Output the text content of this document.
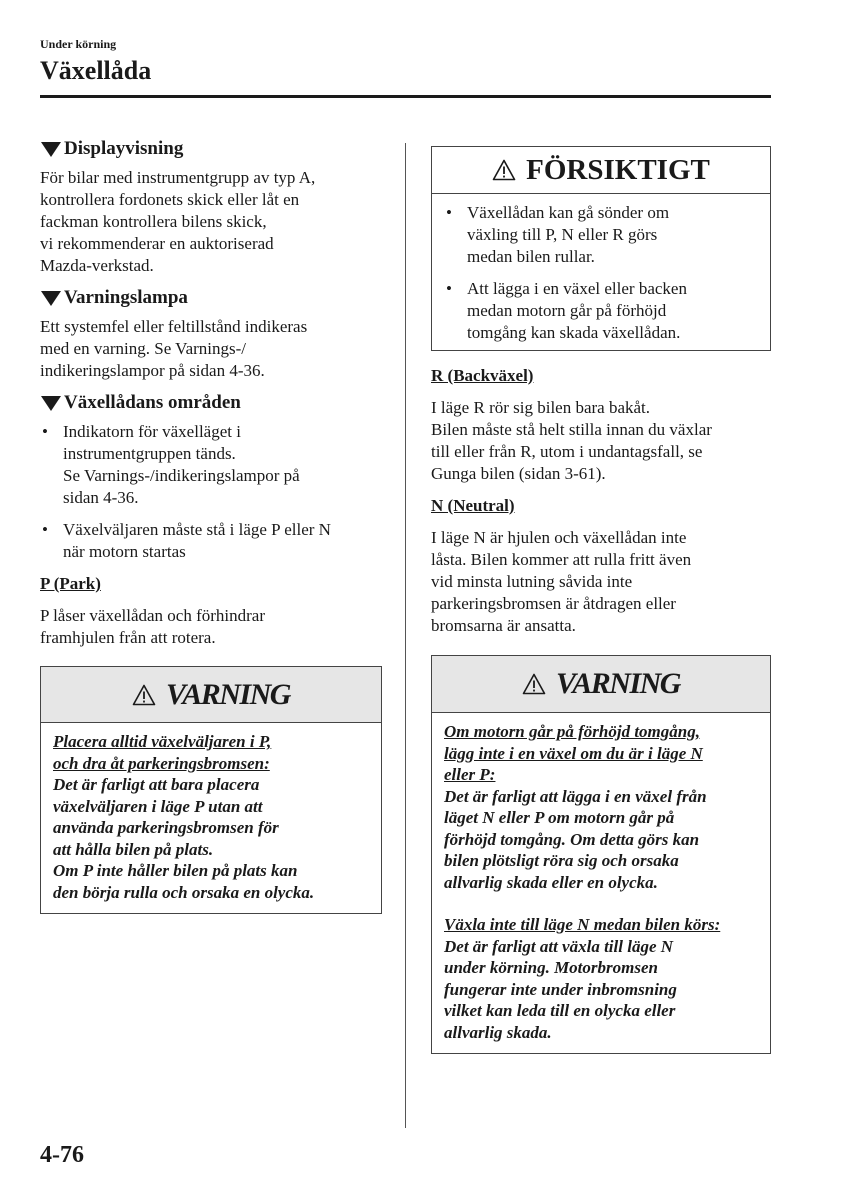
Under körning
Växellåda
Displayvisning
För bilar med instrumentgrupp av typ A,
kontrollera fordonets skick eller låt en
fackman kontrollera bilens skick,
vi rekommenderar en auktoriserad
Mazda-verkstad.
Varningslampa
Ett systemfel eller feltillstånd indikeras
med en varning. Se Varnings-/
indikeringslampor på sidan 4-36.
Växellådans områden
• Indikatorn för växelläget i
instrumentgruppen tänds.
Se Varnings-/indikeringslampor på
sidan 4-36.
• Växelväljaren måste stå i läge P eller N
när motorn startas
P (Park)
P låser växellådan och förhindrar
framhjulen från att rotera.
VARNING
Placera alltid växelväljaren i P,
och dra åt parkeringsbromsen:
Det är farligt att bara placera
växelväljaren i läge P utan att
använda parkeringsbromsen för
att hålla bilen på plats.
Om P inte håller bilen på plats kan
den börja rulla och orsaka en olycka.
FÖRSIKTIGT
• Växellådan kan gå sönder om
växling till P, N eller R görs
medan bilen rullar.
• Att lägga i en växel eller backen
medan motorn går på förhöjd
tomgång kan skada växellådan.
R (Backväxel)
I läge R rör sig bilen bara bakåt.
Bilen måste stå helt stilla innan du växlar
till eller från R, utom i undantagsfall, se
Gunga bilen (sidan 3-61).
N (Neutral)
I läge N är hjulen och växellådan inte
låsta. Bilen kommer att rulla fritt även
vid minsta lutning såvida inte
parkeringsbromsen är åtdragen eller
bromsarna är ansatta.
VARNING
Om motorn går på förhöjd tomgång,
lägg inte i en växel om du är i läge N
eller P:
Det är farligt att lägga i en växel från
läget N eller P om motorn går på
förhöjd tomgång. Om detta görs kan
bilen plötsligt röra sig och orsaka
allvarlig skada eller en olycka.
Växla inte till läge N medan bilen körs:
Det är farligt att växla till läge N
under körning. Motorbromsen
fungerar inte under inbromsning
vilket kan leda till en olycka eller
allvarlig skada.
4-76
